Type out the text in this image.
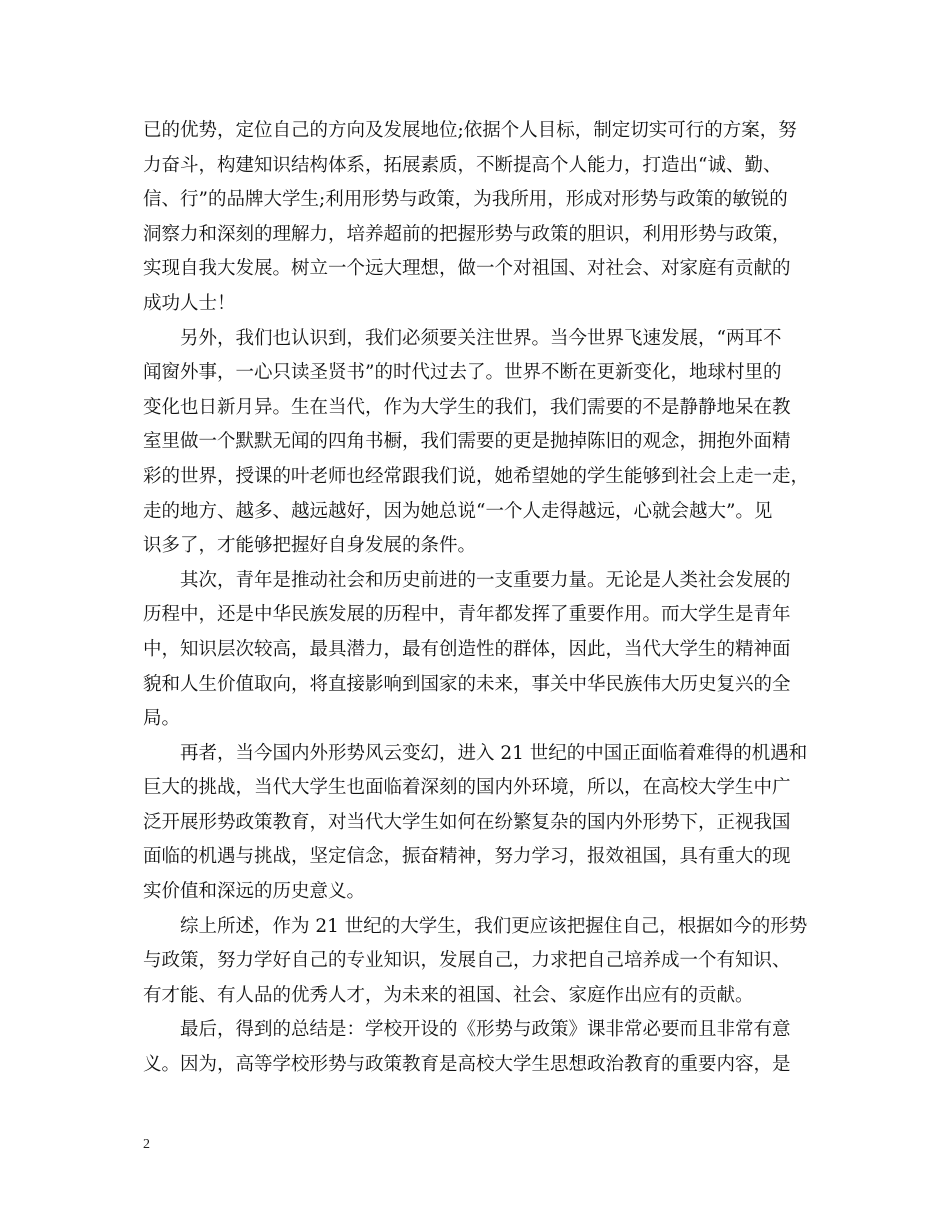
已的优势，定位自己的方向及发展地位;依据个人目标，制定切实可行的方案，努
力奋斗，构建知识结构体系，拓展素质，不断提高个人能力，打造出“诚、勤、
信、行”的品牌大学生;利用形势与政策，为我所用，形成对形势与政策的敏锐的
洞察力和深刻的理解力，培养超前的把握形势与政策的胆识，利用形势与政策，
实现自我大发展。树立一个远大理想，做一个对祖国、对社会、对家庭有贡献的
成功人士！
　　另外，我们也认识到，我们必须要关注世界。当今世界飞速发展，“两耳不
闻窗外事，一心只读圣贤书”的时代过去了。世界不断在更新变化，地球村里的
变化也日新月异。生在当代，作为大学生的我们，我们需要的不是静静地呆在教
室里做一个默默无闻的四角书橱，我们需要的更是抛掉陈旧的观念，拥抱外面精
彩的世界，授课的叶老师也经常跟我们说，她希望她的学生能够到社会上走一走，
走的地方、越多、越远越好，因为她总说“一个人走得越远，心就会越大”。见
识多了，才能够把握好自身发展的条件。
　　其次，青年是推动社会和历史前进的一支重要力量。无论是人类社会发展的
历程中，还是中华民族发展的历程中，青年都发挥了重要作用。而大学生是青年
中，知识层次较高，最具潜力，最有创造性的群体，因此，当代大学生的精神面
貌和人生价值取向，将直接影响到国家的未来，事关中华民族伟大历史复兴的全
局。
　　再者，当今国内外形势风云变幻，进入 21 世纪的中国正面临着难得的机遇和
巨大的挑战，当代大学生也面临着深刻的国内外环境，所以，在高校大学生中广
泛开展形势政策教育，对当代大学生如何在纷繁复杂的国内外形势下，正视我国
面临的机遇与挑战，坚定信念，振奋精神，努力学习，报效祖国，具有重大的现
实价值和深远的历史意义。
　　综上所述，作为 21 世纪的大学生，我们更应该把握住自己，根据如今的形势
与政策，努力学好自己的专业知识，发展自己，力求把自己培养成一个有知识、
有才能、有人品的优秀人才，为未来的祖国、社会、家庭作出应有的贡献。
　　最后，得到的总结是：学校开设的《形势与政策》课非常必要而且非常有意
义。因为，高等学校形势与政策教育是高校大学生思想政治教育的重要内容，是
2
